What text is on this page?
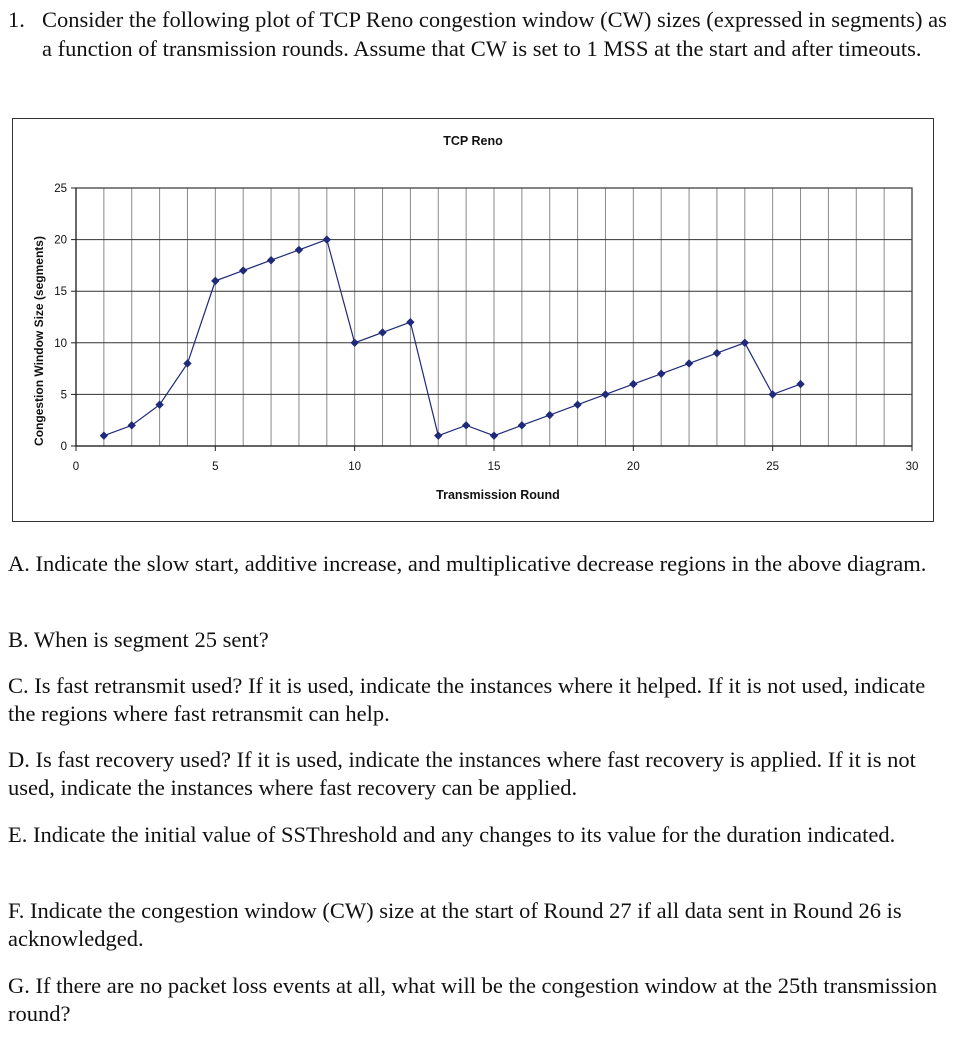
1. Consider the following plot of TCP Reno congestion window (CW) sizes (expressed in segments) as a function of transmission rounds. Assume that CW is set to 1 MSS at the start and after timeouts.
0	5	10	15	20	25	30
0
5
10
15
20
25
TCP Reno
Transmission Round
Congestion Window Size (segments)

A. Indicate the slow start, additive increase, and multiplicative decrease regions in the above diagram.

B. When is segment 25 sent?

C. Is fast retransmit used? If it is used, indicate the instances where it helped. If it is not used, indicate the regions where fast retransmit can help.

D. Is fast recovery used? If it is used, indicate the instances where fast recovery is applied. If it is not used, indicate the instances where fast recovery can be applied.

E. Indicate the initial value of SSThreshold and any changes to its value for the duration indicated.

F. Indicate the congestion window (CW) size at the start of Round 27 if all data sent in Round 26 is acknowledged.

G. If there are no packet loss events at all, what will be the congestion window at the 25th transmission round?
